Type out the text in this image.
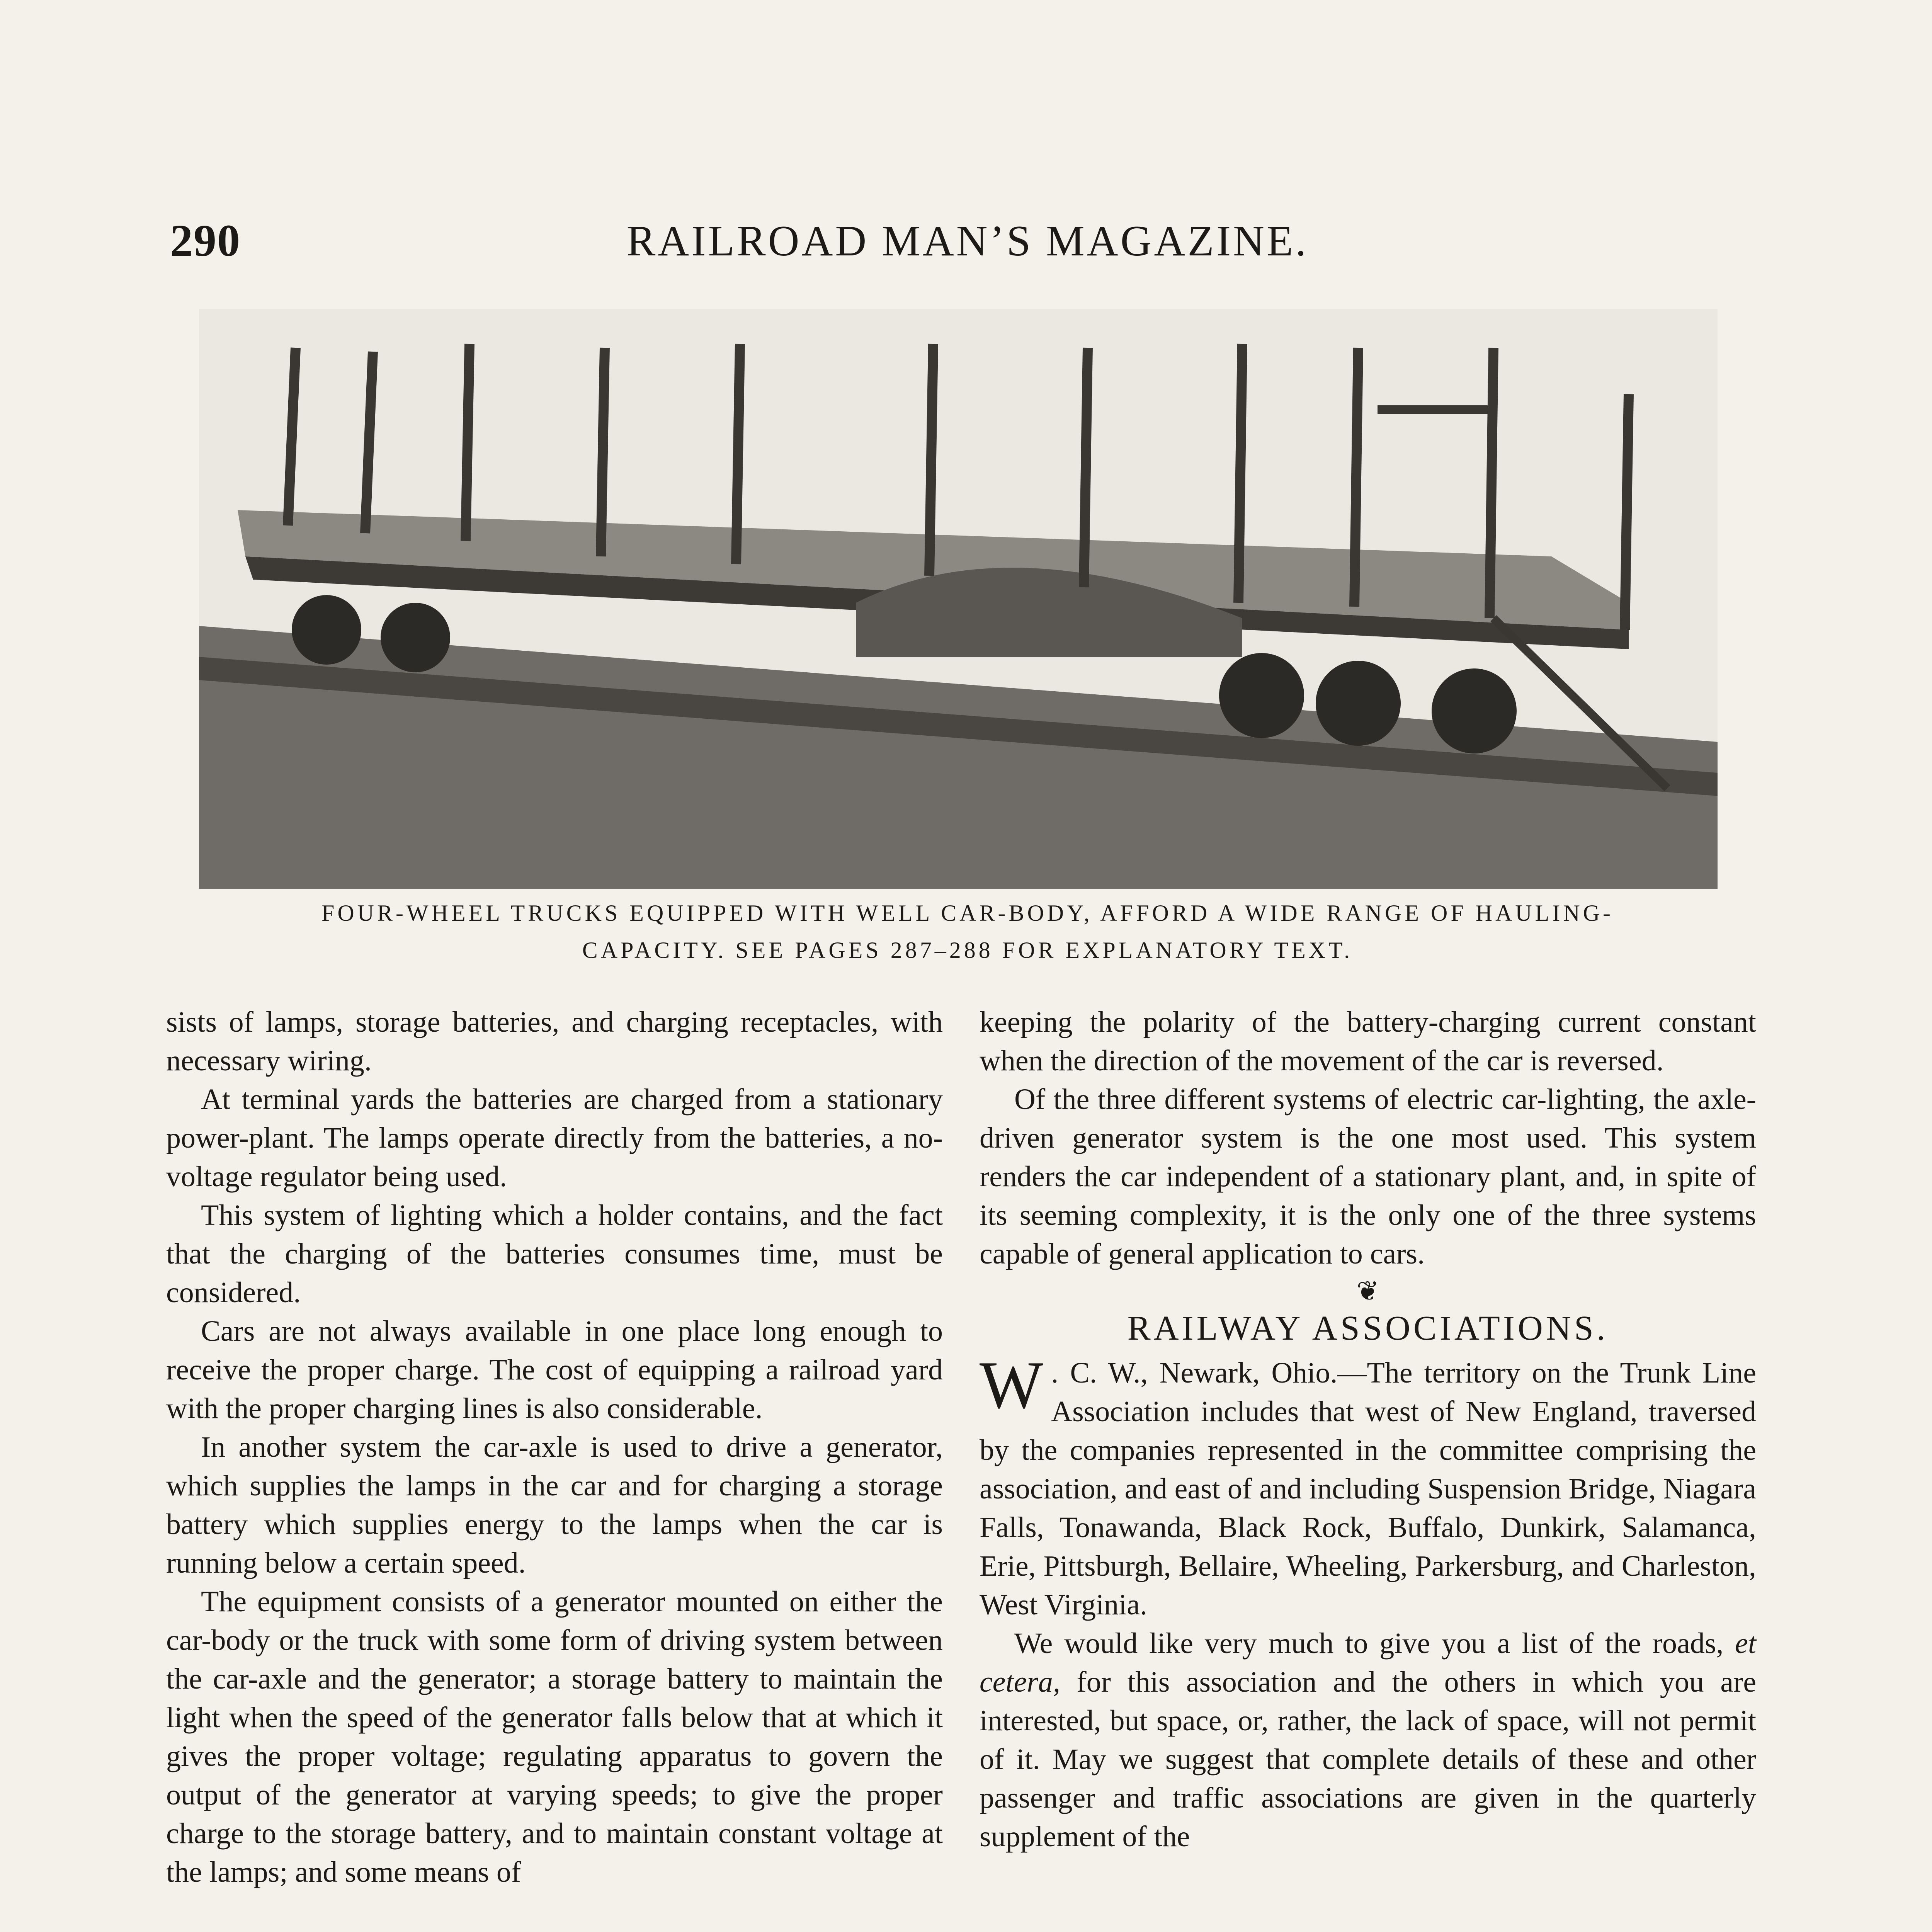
290	RAILROAD MAN’S MAGAZINE.
FOUR-WHEEL TRUCKS EQUIPPED WITH WELL CAR-BODY, AFFORD A WIDE RANGE OF HAULING-
CAPACITY. SEE PAGES 287–288 FOR EXPLANATORY TEXT.

sists of lamps, storage batteries, and charging receptacles, with necessary wiring.

At terminal yards the batteries are charged from a stationary power-plant. The lamps operate directly from the batteries, a no-voltage regulator being used.

This system of lighting which a holder contains, and the fact that the charging of the batteries consumes time, must be considered.

Cars are not always available in one place long enough to receive the proper charge. The cost of equipping a railroad yard with the proper charging lines is also considerable.

In another system the car-axle is used to drive a generator, which supplies the lamps in the car and for charging a storage battery which supplies energy to the lamps when the car is running below a certain speed.

The equipment consists of a generator mounted on either the car-body or the truck with some form of driving system between the car-axle and the generator; a storage battery to maintain the light when the speed of the generator falls below that at which it gives the proper voltage; regulating apparatus to govern the output of the generator at varying speeds; to give the proper charge to the storage battery, and to maintain constant voltage at the lamps; and some means of

keeping the polarity of the battery-charging current constant when the direction of the movement of the car is reversed.

Of the three different systems of electric car-lighting, the axle-driven generator system is the one most used. This system renders the car independent of a stationary plant, and, in spite of its seeming complexity, it is the only one of the three systems capable of general application to cars.

❦
RAILWAY ASSOCIATIONS.

W . C. W., Newark, Ohio.—The territory on the Trunk Line Association includes that west of New England, traversed by the companies represented in the committee comprising the association, and east of and including Suspension Bridge, Niagara Falls, Tonawanda, Black Rock, Buffalo, Dunkirk, Salamanca, Erie, Pittsburgh, Bellaire, Wheeling, Parkersburg, and Charleston, West Virginia.

We would like very much to give you a list of the roads, et cetera, for this association and the others in which you are interested, but space, or, rather, the lack of space, will not permit of it. May we suggest that complete details of these and other passenger and traffic associations are given in the quarterly supplement of the
